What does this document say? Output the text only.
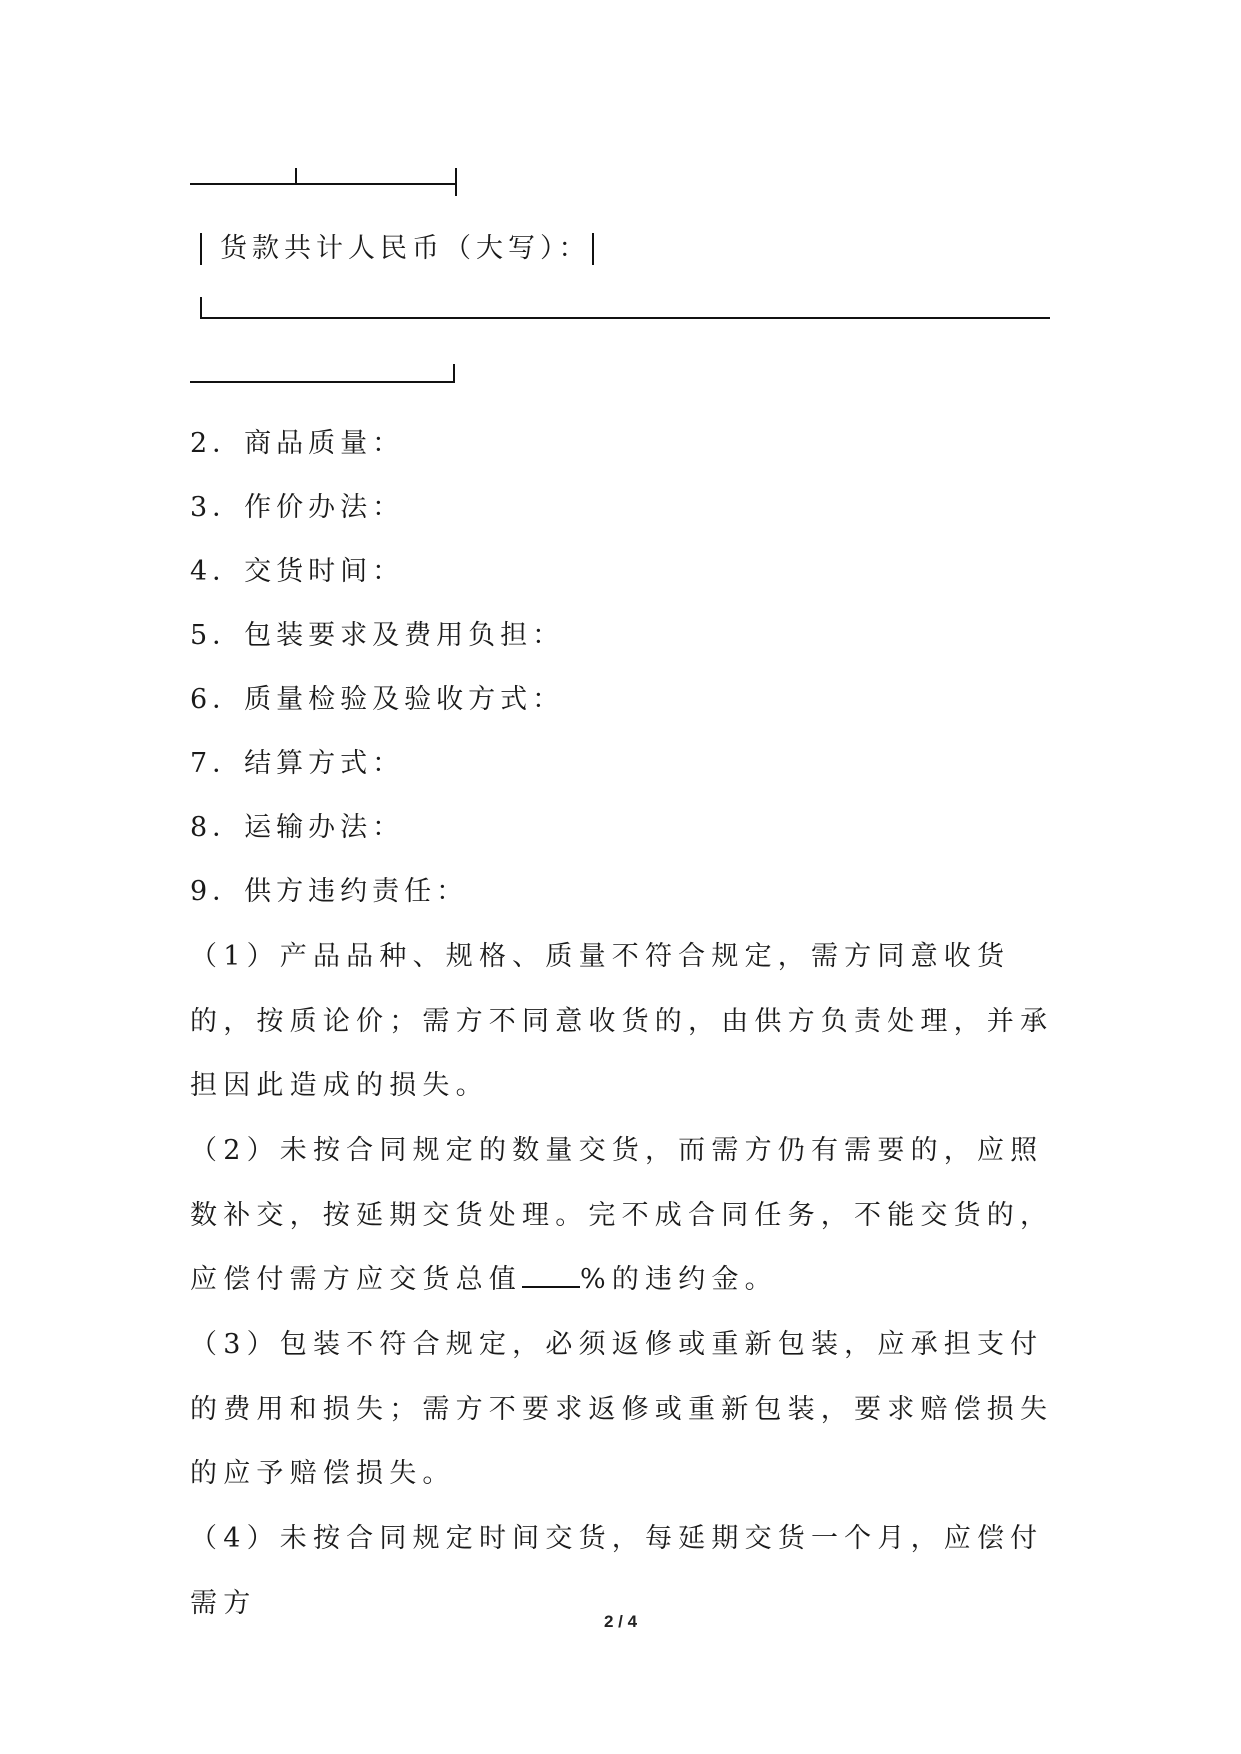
货款共计人民币（大写）：
2．商品质量：
3．作价办法：
4．交货时间：
5．包装要求及费用负担：
6．质量检验及验收方式：
7．结算方式：
8．运输办法：
9．供方违约责任：
（1）产品品种、规格、质量不符合规定，需方同意收货的，按质论价；需方不同意收货的，由供方负责处理，并承担因此造成的损失。
（2）未按合同规定的数量交货，而需方仍有需要的，应照数补交，按延期交货处理。完不成合同任务，不能交货的，应偿付需方应交货总值 %的违约金。
（3）包装不符合规定，必须返修或重新包装，应承担支付的费用和损失；需方不要求返修或重新包装，要求赔偿损失的应予赔偿损失。
（4）未按合同规定时间交货，每延期交货一个月，应偿付需方
2 / 4
